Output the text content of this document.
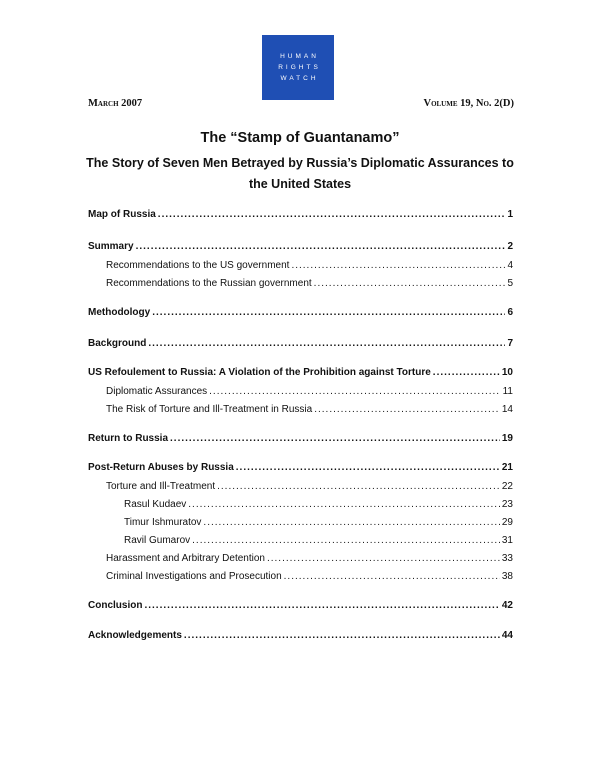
HUMAN
RIGHTS
WATCH
March 2007	Volume 19, No. 2(D)
The “Stamp of Guantanamo”
The Story of Seven Men Betrayed by Russia’s Diplomatic Assurances to
the United States
Map of Russia .....	1
Summary .....	2
Recommendations to the US government .....	4
Recommendations to the Russian government .....	5
Methodology .....	6
Background .....	7
US Refoulement to Russia: A Violation of the Prohibition against Torture .....	10
Diplomatic Assurances .....	11
The Risk of Torture and Ill-Treatment in Russia .....	14
Return to Russia .....	19
Post-Return Abuses by Russia .....	21
Torture and Ill-Treatment .....	22
Rasul Kudaev .....	23
Timur Ishmuratov .....	29
Ravil Gumarov .....	31
Harassment and Arbitrary Detention .....	33
Criminal Investigations and Prosecution .....	38
Conclusion .....	42
Acknowledgements .....	44
